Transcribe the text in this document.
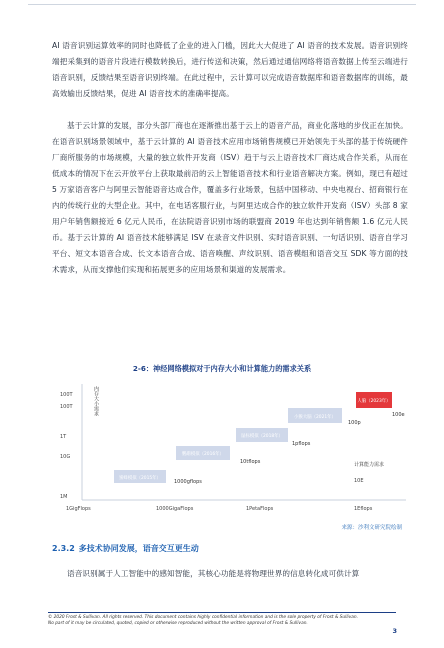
AI 语音识别运算效率的同时也降低了企业的进入门槛，因此大大促进了 AI 语音的技术发展。语音识别终端把采集到的语音片段进行模数转换后，进行传送和决策，然后通过通信网络将语音数据上传至云端进行语音识别，反馈结果至语音识别终端。在此过程中，云计算可以完成语音数据库和语音数据库的训练，最高效输出反馈结果，促进 AI 语音技术的准确率提高。

基于云计算的发展，部分头部厂商也在逐渐推出基于云上的语音产品，商业化落地的步伐正在加快。在语音识别场景领域中，基于云计算的 AI 语音技术应用市场销售规模已开始领先于头部的基于传统硬件厂商所服务的市场规模，大量的独立软件开发商（ISV）趋于与云上语音技术厂商达成合作关系，从而在低成本的情况下在云开放平台上获取最前沿的云上智能语音技术和行业语音解决方案。例如，现已有超过 5 万家语音客户与阿里云智能语音达成合作，覆盖多行业场景，包括中国移动、中央电视台、招商银行在内的传统行业的大型企业。其中，在电话客服行业，与阿里达成合作的独立软件开发商（ISV）头部 8 家用户年销售额接近 6 亿元人民币，在法院语音识别市场的联盟商 2019 年也达到年销售额 1.6 亿元人民币。基于云计算的 AI 语音技术能够满足 ISV 在录音文件识别、实时语音识别、一句话识别、语音自学习平台、短文本语音合成、长文本语音合成、语音唤醒、声纹识别、语音模组和语音交互 SDK 等方面的技术需求，从而支撑他们实现和拓展更多的应用场景和渠道的发展需求。

2-6：神经网络模拟对于内存大小和计算能力的需求关系
内存大小需求
100T
100T
1T
10G
1M
1GigFlops	1000GigaFlops	1PetaFlops
蜜蜂模拟（2015年）
1000gflops
鹦鹉模拟（2016年）
10tflops
鼠标模拟（2018年）
1pflops
小猴大脑（2021年）
100p
人脑（2023年）
100e
计算能力需求
1Eflops
10E
来源：沙利文研究院绘制
2.3.2 多技术协同发展，语音交互更生动

语音识别属于人工智能中的感知智能，其核心功能是将物理世界的信息转化成可供计算

© 2020 Frost & Sullivan. All rights reserved. This document contains highly confidential information and is the sole property of Frost & Sullivan.
No part of it may be circulated, quoted, copied or otherwise reproduced without the written approval of Frost & Sullivan.
3
